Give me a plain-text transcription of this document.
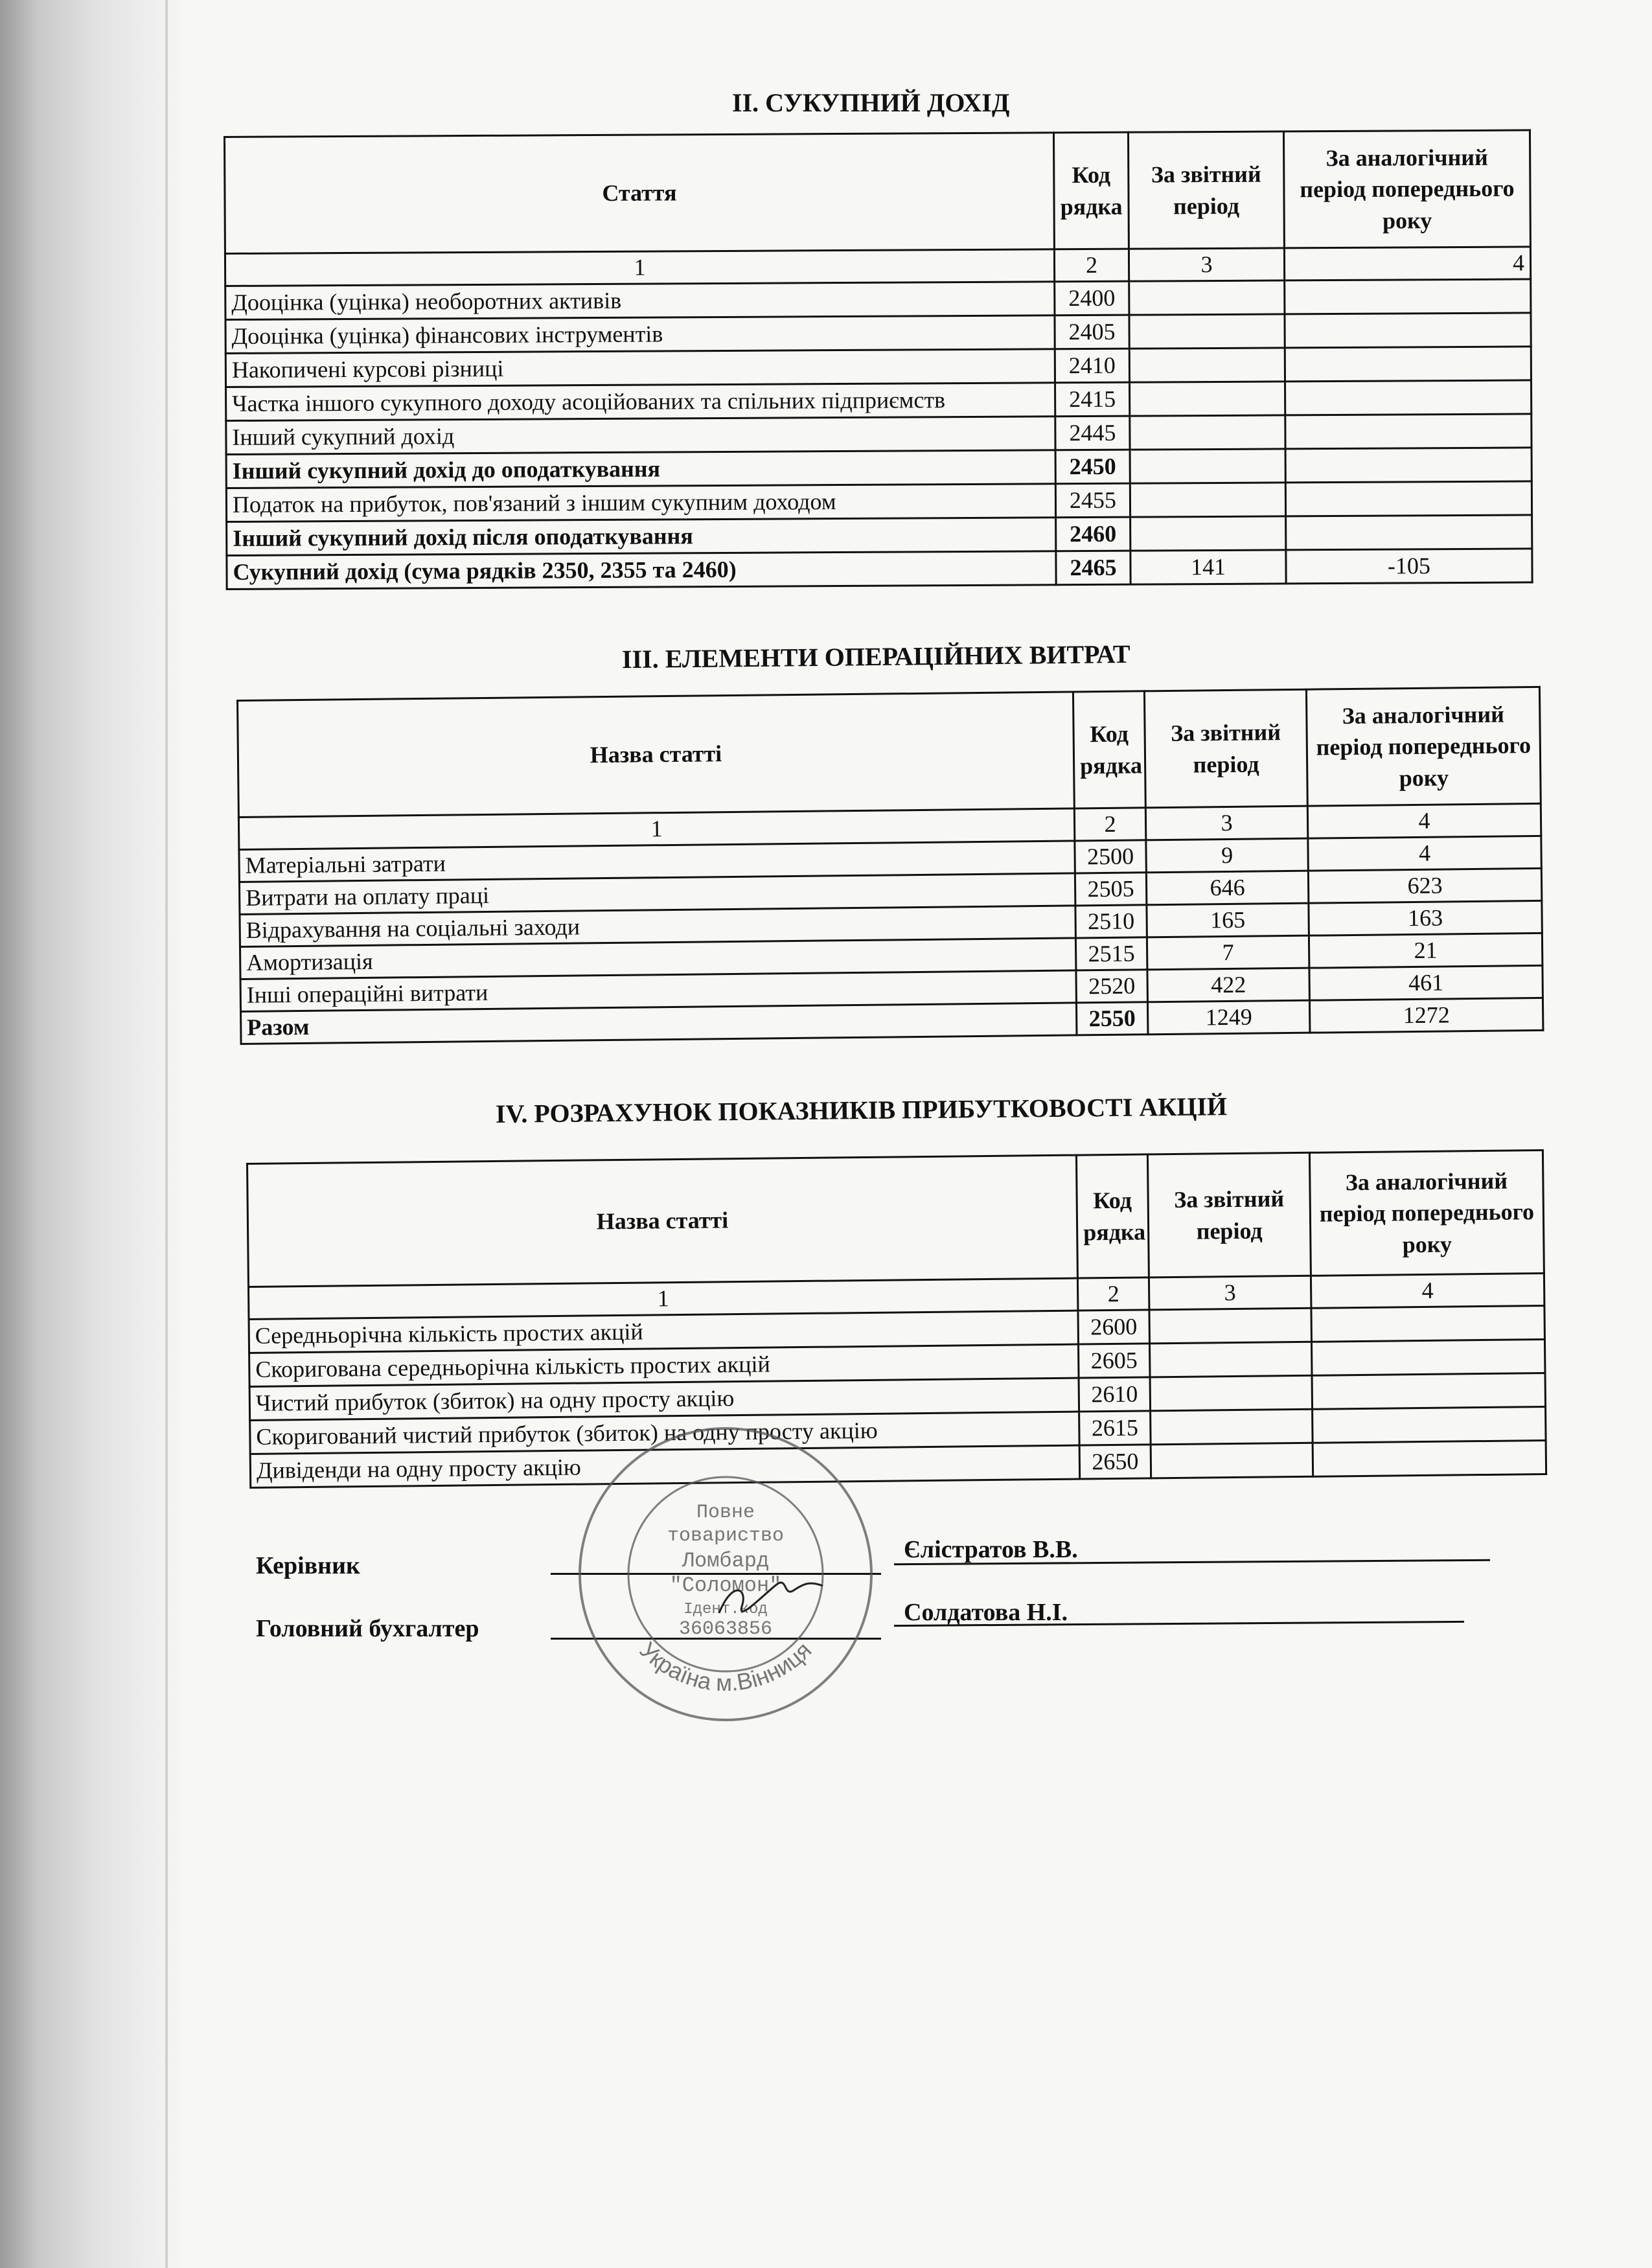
ІІ. СУКУПНИЙ ДОХІД
Стаття	Код рядка	За звітний період	За аналогічний період попереднього року
1	2	3	4
Дооцінка (уцінка) необоротних активів	2400		
Дооцінка (уцінка) фінансових інструментів	2405		
Накопичені курсові різниці	2410		
Частка іншого сукупного доходу асоційованих та спільних підприємств	2415		
Інший сукупний дохід	2445		
Інший сукупний дохід до оподаткування	2450		
Податок на прибуток, пов'язаний з іншим сукупним доходом	2455		
Інший сукупний дохід після оподаткування	2460		
Сукупний дохід (сума рядків 2350, 2355 та 2460)	2465	141	-105
ІІІ. ЕЛЕМЕНТИ ОПЕРАЦІЙНИХ ВИТРАТ
Назва статті	Код рядка	За звітний період	За аналогічний період попереднього року
1	2	3	4
Матеріальні затрати	2500	9	4
Витрати на оплату праці	2505	646	623
Відрахування на соціальні заходи	2510	165	163
Амортизація	2515	7	21
Інші операційні витрати	2520	422	461
Разом	2550	1249	1272
IV. РОЗРАХУНОК ПОКАЗНИКІВ ПРИБУТКОВОСТІ АКЦІЙ
Назва статті	Код рядка	За звітний період	За аналогічний період попереднього року
1	2	3	4
Середньорічна кількість простих акцій	2600		
Скоригована середньорічна кількість простих акцій	2605		
Чистий прибуток (збиток) на одну просту акцію	2610		
Скоригований чистий прибуток (збиток) на одну просту акцію	2615		
Дивіденди на одну просту акцію	2650		
Керівник
Єлістратов В.В.
Головний бухгалтер
Солдатова Н.І.
Україна м.Вінниця
Повне
товариство
Ломбард
"Соломон"
Ідент.код
36063856
